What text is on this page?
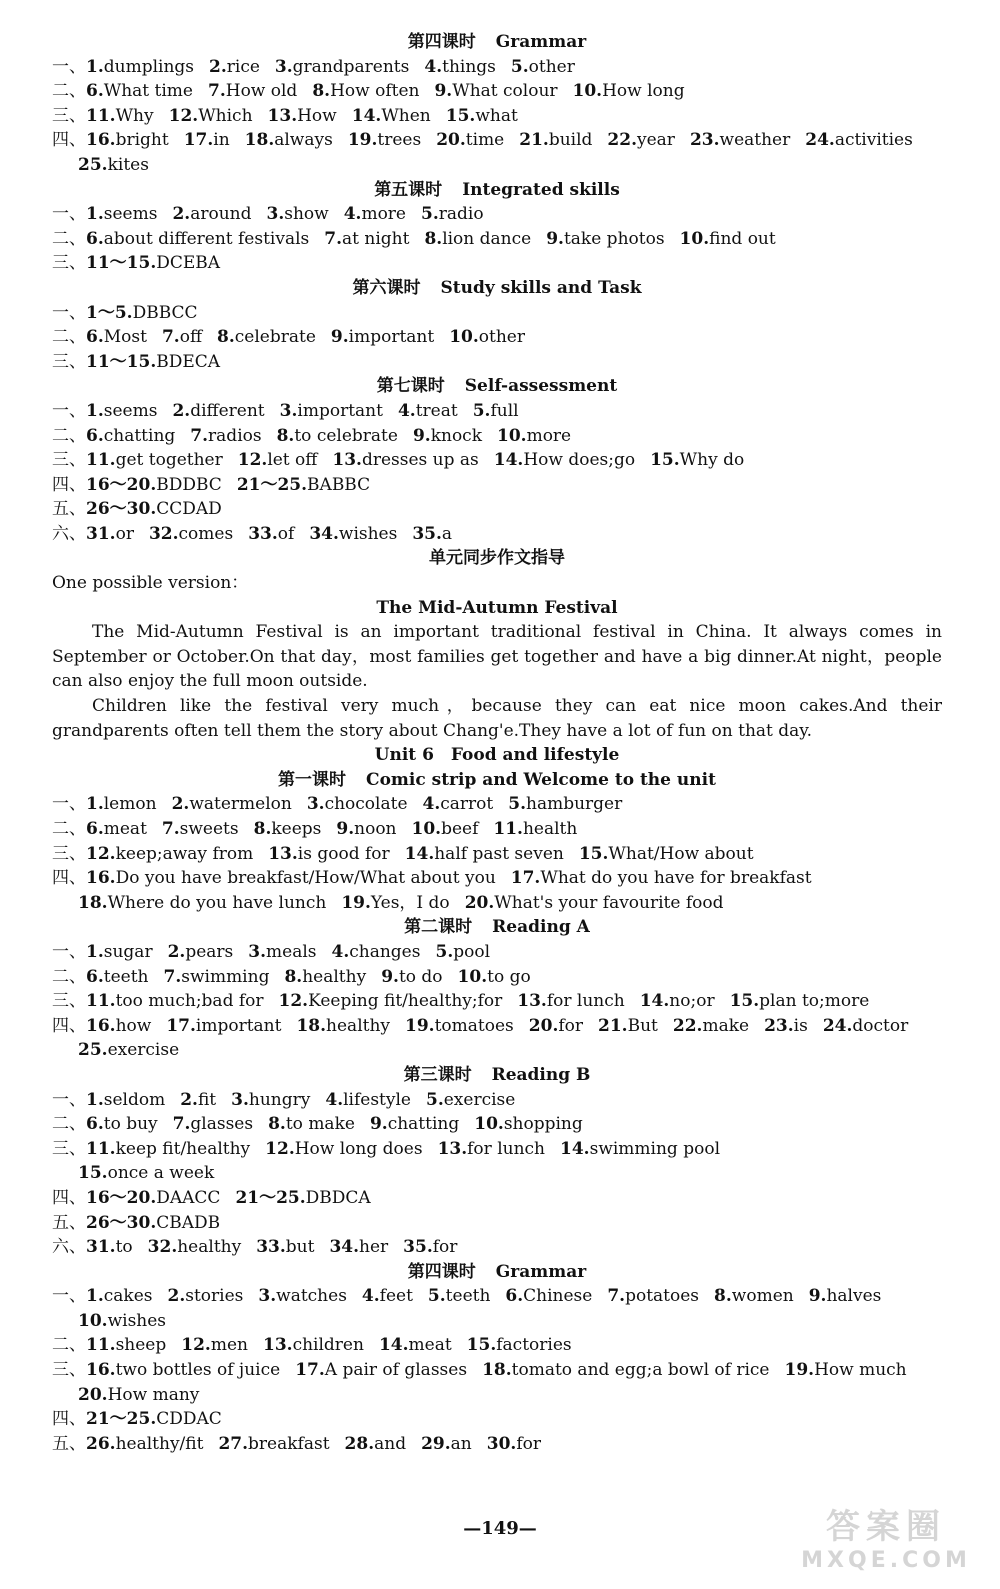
第四课时 Grammar
一、1.dumplings 2.rice 3.grandparents 4.things 5.other
二、6.What time 7.How old 8.How often 9.What colour 10.How long
三、11.Why 12.Which 13.How 14.When 15.what
四、16.bright 17.in 18.always 19.trees 20.time 21.build 22.year 23.weather 24.activities
25.kites
第五课时 Integrated skills
一、1.seems 2.around 3.show 4.more 5.radio
二、6.about different festivals 7.at night 8.lion dance 9.take photos 10.find out
三、11～15.DCEBA
第六课时 Study skills and Task
一、1～5.DBBCC
二、6.Most 7.off 8.celebrate 9.important 10.other
三、11～15.BDECA
第七课时 Self-assessment
一、1.seems 2.different 3.important 4.treat 5.full
二、6.chatting 7.radios 8.to celebrate 9.knock 10.more
三、11.get together 12.let off 13.dresses up as 14.How does;go 15.Why do
四、16～20.BDDBC 21～25.BABBC
五、26～30.CCDAD
六、31.or 32.comes 33.of 34.wishes 35.a
单元同步作文指导

One possible version：

The Mid-Autumn Festival

The Mid-Autumn Festival is an important traditional festival in China. It always comes in September or October.On that day，most families get together and have a big dinner.At night，people can also enjoy the full moon outside.

Children like the festival very much，because they can eat nice moon cakes.And their grandparents often tell them the story about Chang'e.They have a lot of fun on that day.

Unit 6　Food and lifestyle
第一课时 Comic strip and Welcome to the unit
一、1.lemon 2.watermelon 3.chocolate 4.carrot 5.hamburger
二、6.meat 7.sweets 8.keeps 9.noon 10.beef 11.health
三、12.keep;away from 13.is good for 14.half past seven 15.What/How about
四、16.Do you have breakfast/How/What about you 17.What do you have for breakfast
18.Where do you have lunch 19.Yes，I do 20.What's your favourite food
第二课时 Reading A
一、1.sugar 2.pears 3.meals 4.changes 5.pool
二、6.teeth 7.swimming 8.healthy 9.to do 10.to go
三、11.too much;bad for 12.Keeping fit/healthy;for 13.for lunch 14.no;or 15.plan to;more
四、16.how 17.important 18.healthy 19.tomatoes 20.for 21.But 22.make 23.is 24.doctor
25.exercise
第三课时 Reading B
一、1.seldom 2.fit 3.hungry 4.lifestyle 5.exercise
二、6.to buy 7.glasses 8.to make 9.chatting 10.shopping
三、11.keep fit/healthy 12.How long does 13.for lunch 14.swimming pool
15.once a week
四、16～20.DAACC 21～25.DBDCA
五、26～30.CBADB
六、31.to 32.healthy 33.but 34.her 35.for
第四课时 Grammar
一、1.cakes 2.stories 3.watches 4.feet 5.teeth 6.Chinese 7.potatoes 8.women 9.halves
10.wishes
二、11.sheep 12.men 13.children 14.meat 15.factories
三、16.two bottles of juice 17.A pair of glasses 18.tomato and egg;a bowl of rice 19.How much
20.How many
四、21～25.CDDAC
五、26.healthy/fit 27.breakfast 28.and 29.an 30.for
—149—	答案圈
MXQE.COM
